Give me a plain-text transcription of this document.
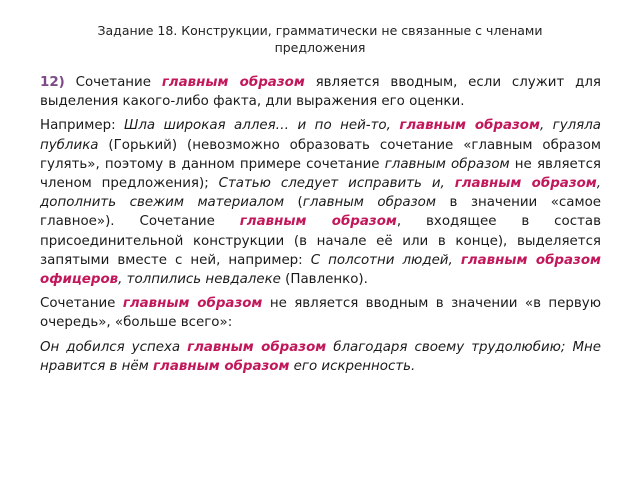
Задание 18. Конструкции, грамматически не связанные с членами предложения

12) Сочетание главным образом является вводным, если служит для выделения какого-либо факта, дли выражения его оценки.

Например: Шла широкая аллея… и по ней-то, главным образом, гуляла публика (Горький) (невозможно образовать сочетание «главным образом гулять», поэтому в данном примере сочетание главным образом не является членом предложения); Статью следует исправить и, главным образом, дополнить свежим материалом (главным образом в значении «самое главное»). Сочетание главным образом, входящее в состав присоединительной конструкции (в начале её или в конце), выделяется запятыми вместе с ней, например: С полсотни людей, главным образом офицеров, толпились невдалеке (Павленко).

Сочетание главным образом не является вводным в значении «в первую очередь», «больше всего»:

Он добился успеха главным образом благодаря своему трудолюбию; Мне нравится в нём главным образом его искренность.
